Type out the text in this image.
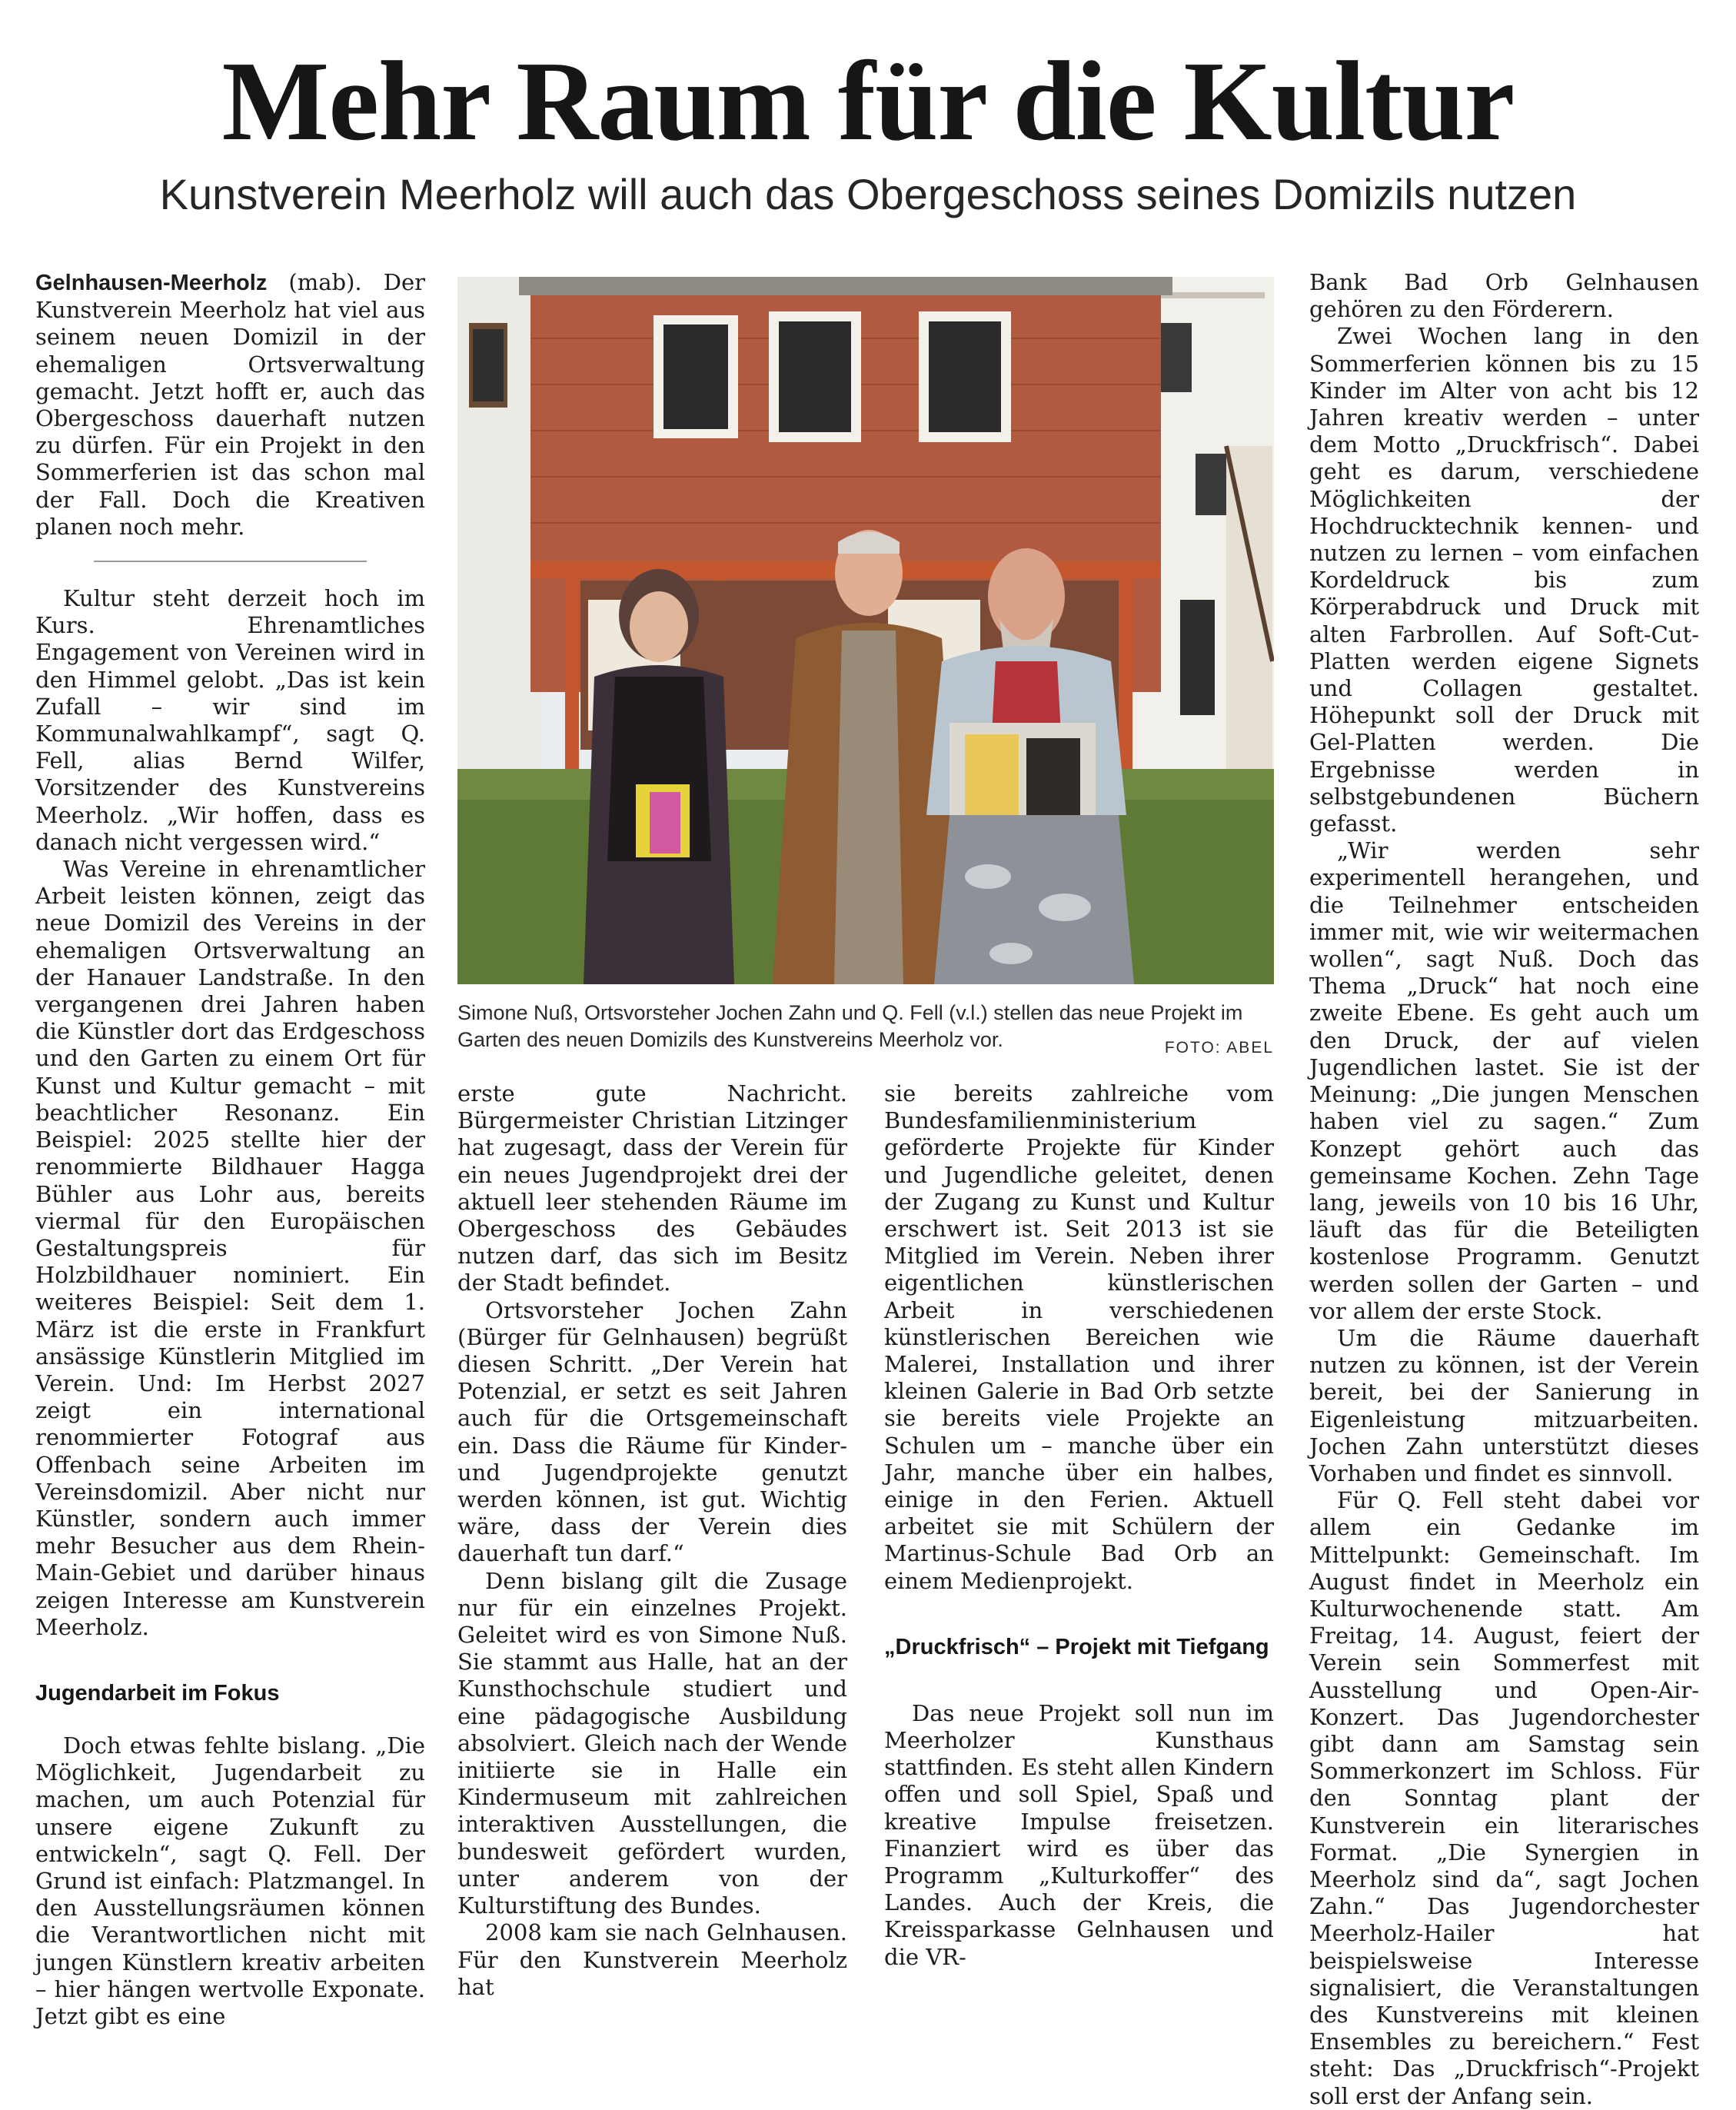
Mehr Raum für die Kultur
Kunstverein Meerholz will auch das Obergeschoss seines Domizils nutzen

Gelnhausen-Meerholz (mab). Der Kunstverein Meerholz hat viel aus seinem neuen Domizil in der ehemaligen Ortsverwaltung gemacht. Jetzt hofft er, auch das Obergeschoss dauerhaft nutzen zu dürfen. Für ein Projekt in den Sommerferien ist das schon mal der Fall. Doch die Kreativen planen noch mehr.

Kultur steht derzeit hoch im Kurs. Ehrenamtliches Engagement von Vereinen wird in den Himmel gelobt. „Das ist kein Zufall – wir sind im Kommunalwahlkampf“, sagt Q. Fell, alias Bernd Wilfer, Vorsitzender des Kunstvereins Meerholz. „Wir hoffen, dass es danach nicht vergessen wird.“

Was Vereine in ehrenamtlicher Arbeit leisten können, zeigt das neue Domizil des Vereins in der ehemaligen Ortsverwaltung an der Hanauer Landstraße. In den vergangenen drei Jahren haben die Künstler dort das Erdgeschoss und den Garten zu einem Ort für Kunst und Kultur gemacht – mit beachtlicher Resonanz. Ein Beispiel: 2025 stellte hier der renommierte Bildhauer Hagga Bühler aus Lohr aus, bereits viermal für den Europäischen Gestaltungspreis für Holzbildhauer nominiert. Ein weiteres Beispiel: Seit dem 1. März ist die erste in Frankfurt ansässige Künstlerin Mitglied im Verein. Und: Im Herbst 2027 zeigt ein international renommierter Fotograf aus Offenbach seine Arbeiten im Vereinsdomizil. Aber nicht nur Künstler, sondern auch immer mehr Besucher aus dem Rhein-Main-Gebiet und darüber hinaus zeigen Interesse am Kunstverein Meerholz.

Jugendarbeit im Fokus

Doch etwas fehlte bislang. „Die Möglichkeit, Jugendarbeit zu machen, um auch Potenzial für unsere eigene Zukunft zu entwickeln“, sagt Q. Fell. Der Grund ist einfach: Platzmangel. In den Ausstellungsräumen können die Verantwortlichen nicht mit jungen Künstlern kreativ arbeiten – hier hängen wertvolle Exponate. Jetzt gibt es eine

Simone Nuß, Ortsvorsteher Jochen Zahn und Q. Fell (v.l.) stellen das neue Projekt im Garten des neuen Domizils des Kunstvereins Meerholz vor.	FOTO: ABEL

erste gute Nachricht. Bürgermeister Christian Litzinger hat zugesagt, dass der Verein für ein neues Jugendprojekt drei der aktuell leer stehenden Räume im Obergeschoss des Gebäudes nutzen darf, das sich im Besitz der Stadt befindet.

Ortsvorsteher Jochen Zahn (Bürger für Gelnhausen) begrüßt diesen Schritt. „Der Verein hat Potenzial, er setzt es seit Jahren auch für die Ortsgemeinschaft ein. Dass die Räume für Kinder- und Jugendprojekte genutzt werden können, ist gut. Wichtig wäre, dass der Verein dies dauerhaft tun darf.“

Denn bislang gilt die Zusage nur für ein einzelnes Projekt. Geleitet wird es von Simone Nuß. Sie stammt aus Halle, hat an der Kunsthochschule studiert und eine pädagogische Ausbildung absolviert. Gleich nach der Wende initiierte sie in Halle ein Kindermuseum mit zahlreichen interaktiven Ausstellungen, die bundesweit gefördert wurden, unter anderem von der Kulturstiftung des Bundes.

2008 kam sie nach Gelnhausen. Für den Kunstverein Meerholz hat

sie bereits zahlreiche vom Bundesfamilienministerium geförderte Projekte für Kinder und Jugendliche geleitet, denen der Zugang zu Kunst und Kultur erschwert ist. Seit 2013 ist sie Mitglied im Verein. Neben ihrer eigentlichen künstlerischen Arbeit in verschiedenen künstlerischen Bereichen wie Malerei, Installation und ihrer kleinen Galerie in Bad Orb setzte sie bereits viele Projekte an Schulen um – manche über ein Jahr, manche über ein halbes, einige in den Ferien. Aktuell arbeitet sie mit Schülern der Martinus-Schule Bad Orb an einem Medienprojekt.

„Druckfrisch“ – Projekt mit Tiefgang

Das neue Projekt soll nun im Meerholzer Kunsthaus stattfinden. Es steht allen Kindern offen und soll Spiel, Spaß und kreative Impulse freisetzen. Finanziert wird es über das Programm „Kulturkoffer“ des Landes. Auch der Kreis, die Kreissparkasse Gelnhausen und die VR-

Bank Bad Orb Gelnhausen gehören zu den Förderern.

Zwei Wochen lang in den Sommerferien können bis zu 15 Kinder im Alter von acht bis 12 Jahren kreativ werden – unter dem Motto „Druckfrisch“. Dabei geht es darum, verschiedene Möglichkeiten der Hochdrucktechnik kennen- und nutzen zu lernen – vom einfachen Kordeldruck bis zum Körperabdruck und Druck mit alten Farbrollen. Auf Soft-Cut-Platten werden eigene Signets und Collagen gestaltet. Höhepunkt soll der Druck mit Gel-Platten werden. Die Ergebnisse werden in selbstgebundenen Büchern gefasst.

„Wir werden sehr experimentell herangehen, und die Teilnehmer entscheiden immer mit, wie wir weitermachen wollen“, sagt Nuß. Doch das Thema „Druck“ hat noch eine zweite Ebene. Es geht auch um den Druck, der auf vielen Jugendlichen lastet. Sie ist der Meinung: „Die jungen Menschen haben viel zu sagen.“ Zum Konzept gehört auch das gemeinsame Kochen. Zehn Tage lang, jeweils von 10 bis 16 Uhr, läuft das für die Beteiligten kostenlose Programm. Genutzt werden sollen der Garten – und vor allem der erste Stock.

Um die Räume dauerhaft nutzen zu können, ist der Verein bereit, bei der Sanierung in Eigenleistung mitzuarbeiten. Jochen Zahn unterstützt dieses Vorhaben und findet es sinnvoll.

Für Q. Fell steht dabei vor allem ein Gedanke im Mittelpunkt: Gemeinschaft. Im August findet in Meerholz ein Kulturwochenende statt. Am Freitag, 14. August, feiert der Verein sein Sommerfest mit Ausstellung und Open-Air-Konzert. Das Jugendorchester gibt dann am Samstag sein Sommerkonzert im Schloss. Für den Sonntag plant der Kunstverein ein literarisches Format. „Die Synergien in Meerholz sind da“, sagt Jochen Zahn.“ Das Jugendorchester Meerholz-Hailer hat beispielsweise Interesse signalisiert, die Veranstaltungen des Kunstvereins mit kleinen Ensembles zu bereichern.“ Fest steht: Das „Druckfrisch“-Projekt soll erst der Anfang sein.
